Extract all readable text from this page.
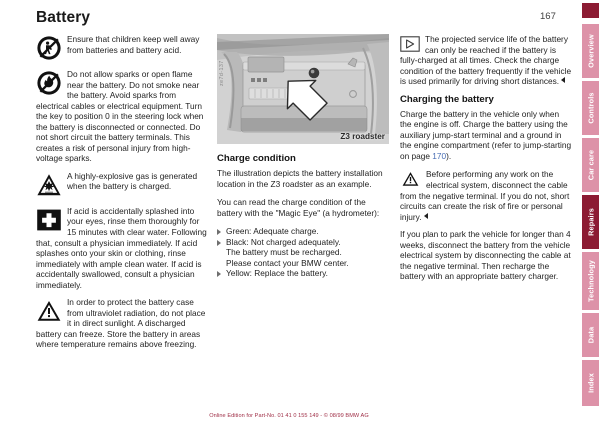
Battery	167

Ensure that children keep well away from batteries and battery acid.

Do not allow sparks or open flame near the battery. Do not smoke near the battery. Avoid sparks from electrical cables or electrical equipment. Turn the key to position 0 in the steering lock when the battery is disconnected or connected. Do not short circuit the battery terminals. This creates a risk of personal injury from high-voltage sparks.

A highly-explosive gas is generated when the battery is charged.

If acid is accidentally splashed into your eyes, rinse them thoroughly for 15 minutes with clear water. Following that, consult a physician immediately. If acid splashes onto your skin or clothing, rinse immediately with ample clean water. If acid is accidentally swallowed, consult a physician immediately.

In order to protect the battery case from ultraviolet radiation, do not place it in direct sunlight. A discharged battery can freeze. Store the battery in areas where temperature remains above freezing.

ze7d-137
Z3 roadster
Charge condition

The illustration depicts the battery installation location in the Z3 roadster as an example.

You can read the charge condition of the battery with the "Magic Eye" (a hydrometer):

Green: Adequate charge.
Black: Not charged adequately.
The battery must be recharged.
Please contact your BMW center.
Yellow: Replace the battery.

The projected service life of the battery can only be reached if the battery is fully-charged at all times. Check the charge condition of the battery frequently if the vehicle is used primarily for driving short distances.

Charging the battery

Charge the battery in the vehicle only when the engine is off. Charge the battery using the auxiliary jump-start terminal and a ground in the engine compartment (refer to jump-starting on page 170).

Before performing any work on the electrical system, disconnect the cable from the negative terminal. If you do not, short circuits can create the risk of fire or personal injury.

If you plan to park the vehicle for longer than 4 weeks, disconnect the battery from the vehicle electrical system by disconnecting the cable at the negative terminal. Then recharge the battery with an appropriate battery charger.

Overview
Controls
Car care
Repairs
Technology
Data
Index
Online Edition for Part-No. 01 41 0 155 149 - © 08/99 BMW AG
